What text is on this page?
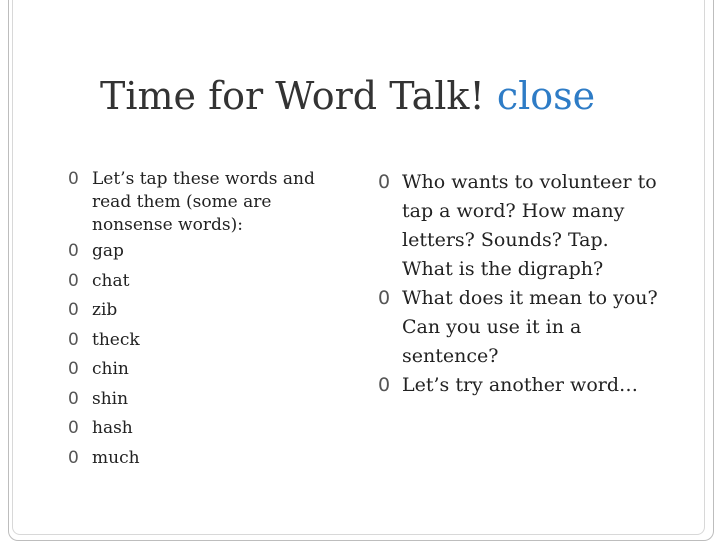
Time for Word Talk! close
0 Let’s tap these words and read them (some are nonsense words):
0 gap
0 chat
0 zib
0 theck
0 chin
0 shin
0 hash
0 much
0 Who wants to volunteer to tap a word? How many letters? Sounds? Tap. What is the digraph?
0 What does it mean to you? Can you use it in a sentence?
0 Let’s try another word…
